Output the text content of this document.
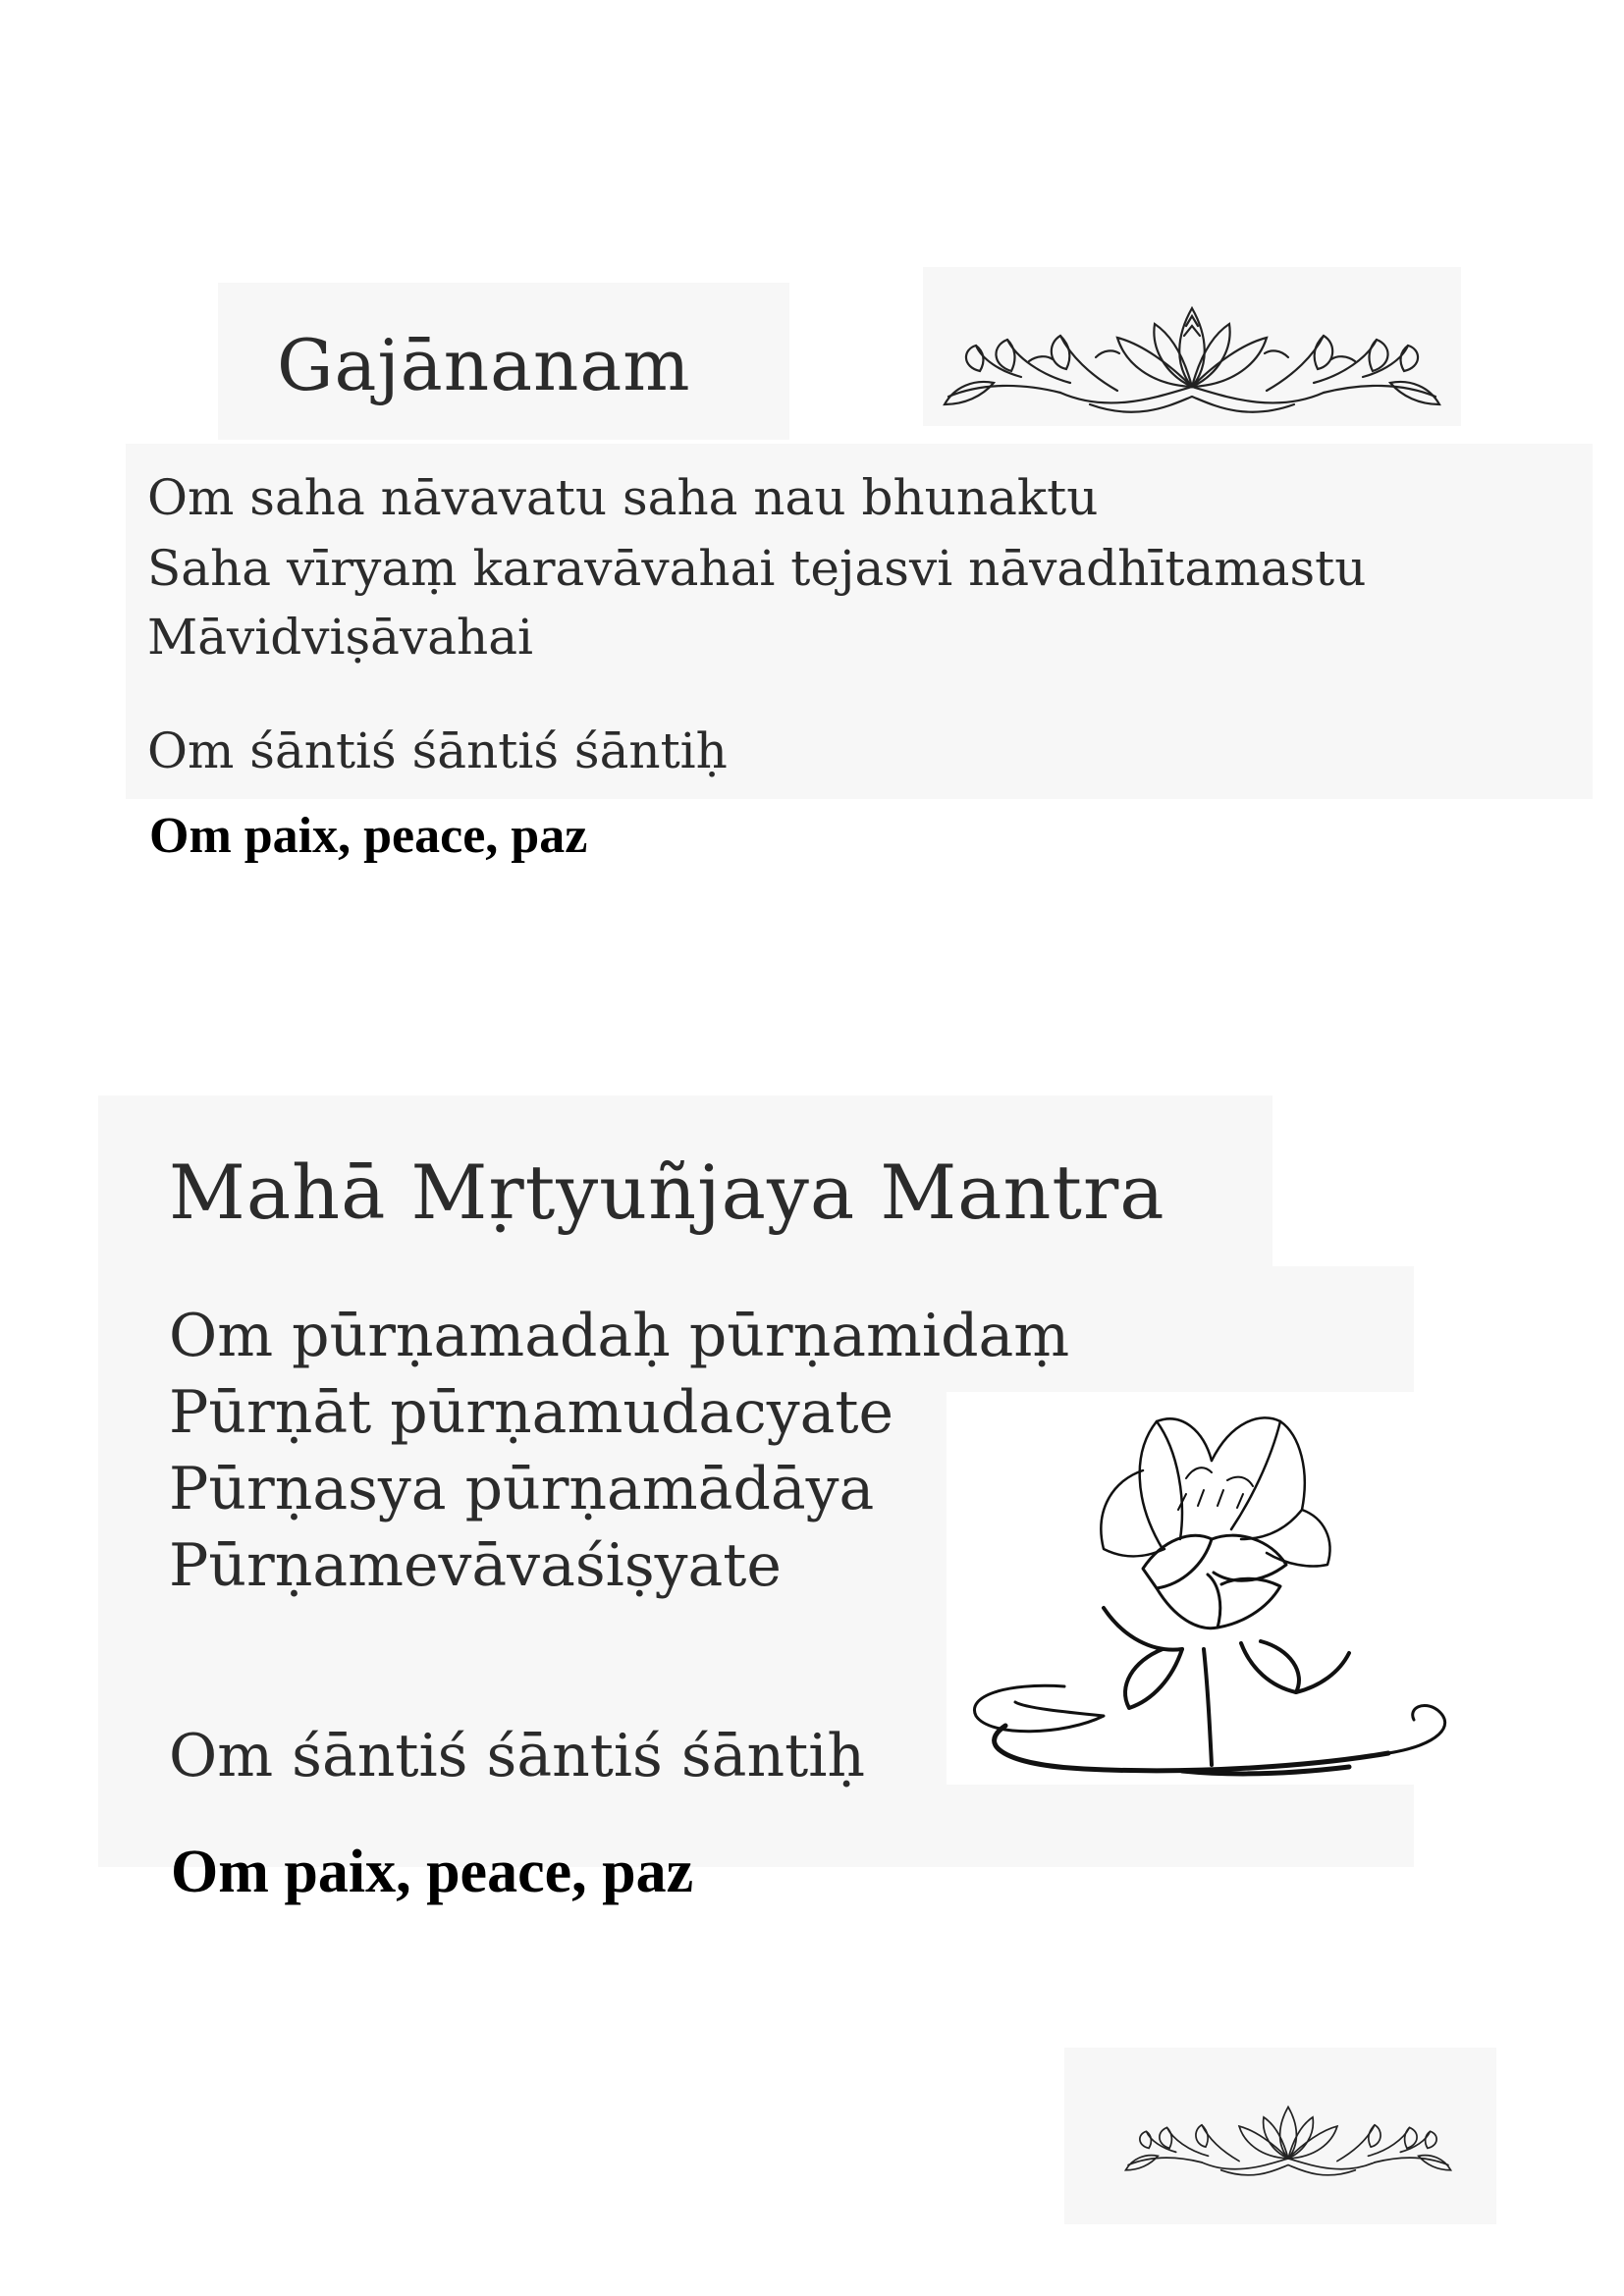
Gajānanam

Om saha nāvavatu saha nau bhunaktu

Saha vīryaṃ karavāvahai tejasvi nāvadhītamastu

Māvidviṣāvahai

Om śāntiś śāntiś śāntiḥ

Om paix, peace, paz

Mahā Mṛtyuñjaya Mantra

Om pūrṇamadaḥ pūrṇamidaṃ

Pūrṇāt pūrṇamudacyate

Pūrṇasya pūrṇamādāya

Pūrṇamevāvaśiṣyate

Om śāntiś śāntiś śāntiḥ

Om paix, peace, paz
